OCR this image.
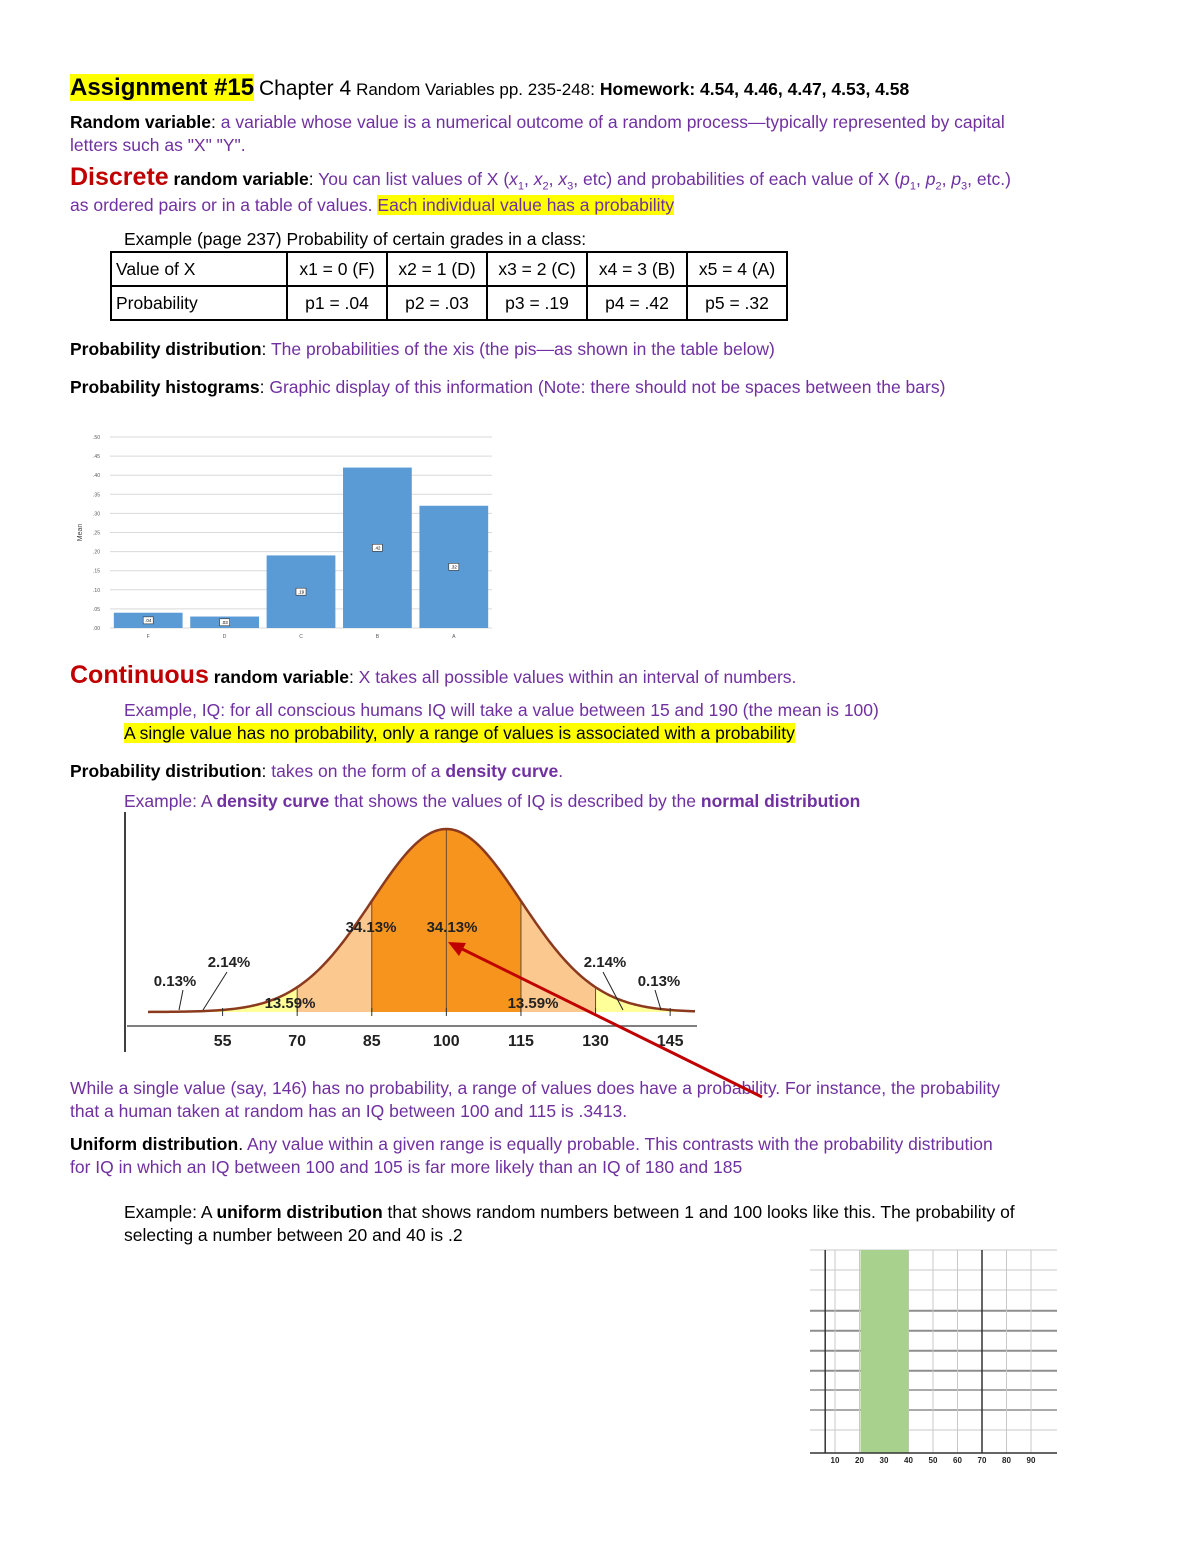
Assignment #15 Chapter 4 Random Variables pp. 235-248: Homework: 4.54, 4.46, 4.47, 4.53, 4.58
Random variable: a variable whose value is a numerical outcome of a random process—typically represented by capital
letters such as "X" "Y".
Discrete random variable: You can list values of X ($x_1$, $x_2$, $x_3$, etc) and probabilities of each value of X ($p_1$, $p_2$, $p_3$, etc.)
as ordered pairs or in a table of values. Each individual value has a probability
Example (page 237) Probability of certain grades in a class:
Value of X	x1 = 0 (F)	x2 = 1 (D)	x3 = 2 (C)	x4 = 3 (B)	x5 = 4 (A)
Probability	p1 = .04	p2 = .03	p3 = .19	p4 = .42	p5 = .32
Probability distribution: The probabilities of the xis (the pis—as shown in the table below)
Probability histograms: Graphic display of this information (Note: there should not be spaces between the bars)
.00
.05
.10
.15
.20
.25
.30
.35
.40
.45
.50
Mean
.04
F
.03
D
.19
C
.42
B
.32
A
Continuous random variable: X takes all possible values within an interval of numbers.
Example, IQ: for all conscious humans IQ will take a value between 15 and 190 (the mean is 100)
A single value has no probability, only a range of values is associated with a probability
Probability distribution: takes on the form of a density curve.
Example: A density curve that shows the values of IQ is described by the normal distribution
55	70	85	100	115	130	145
0.13%
2.14%
13.59%
34.13% 34.13%
13.59%
2.14%
0.13%
While a single value (say, 146) has no probability, a range of values does have a probability. For instance, the probability
that a human taken at random has an IQ between 100 and 115 is .3413.
Uniform distribution. Any value within a given range is equally probable. This contrasts with the probability distribution
for IQ in which an IQ between 100 and 105 is far more likely than an IQ of 180 and 185
Example: A uniform distribution that shows random numbers between 1 and 100 looks like this. The probability of
selecting a number between 20 and 40 is .2
10 20 30 40 50 60 70 80 90
